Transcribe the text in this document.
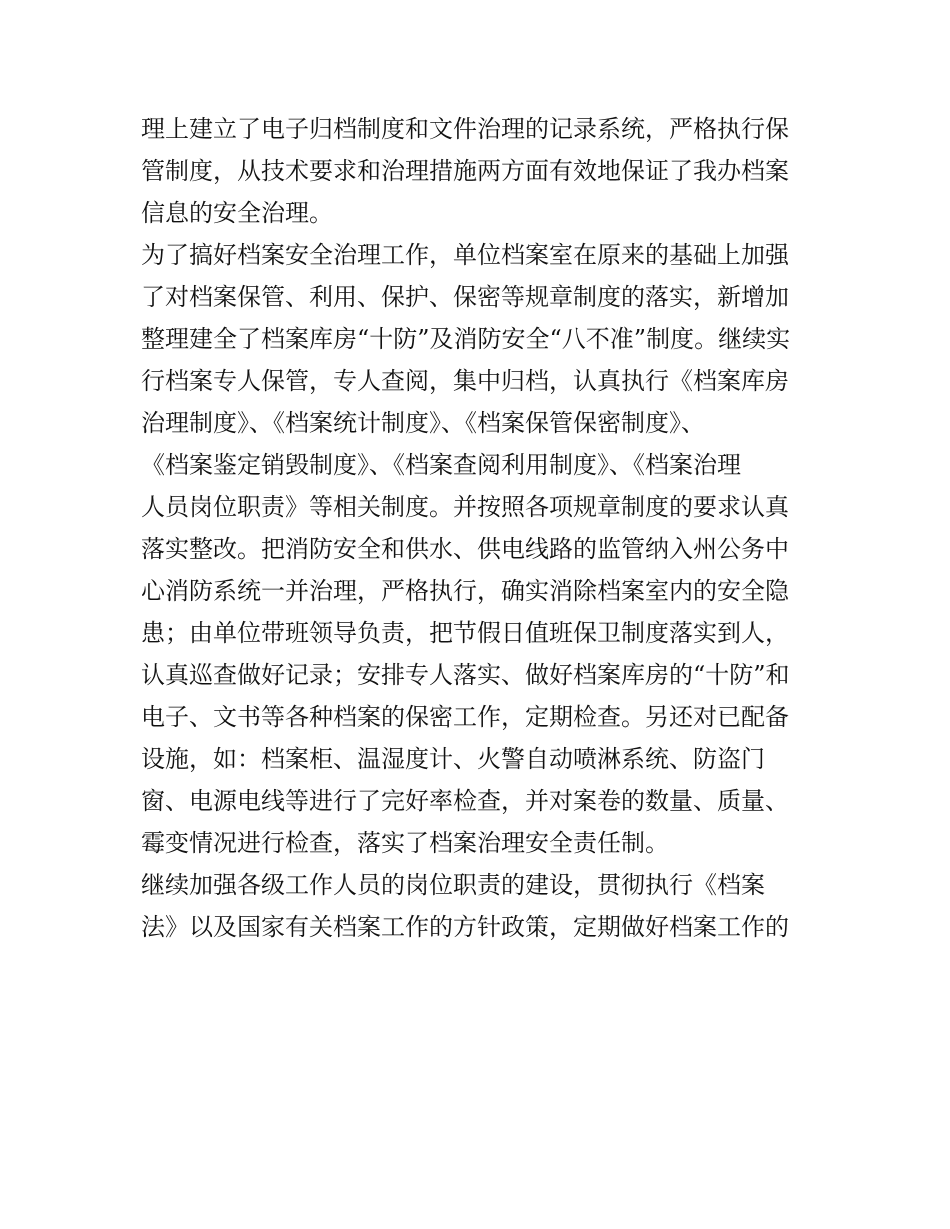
理上建立了电子归档制度和文件治理的记录系统，严格执行保
管制度，从技术要求和治理措施两方面有效地保证了我办档案
信息的安全治理。
为了搞好档案安全治理工作，单位档案室在原来的基础上加强
了对档案保管、利用、保护、保密等规章制度的落实，新增加
整理建全了档案库房“十防”及消防安全“八不准”制度。继续实
行档案专人保管，专人查阅，集中归档，认真执行《档案库房
治理制度》、《档案统计制度》、《档案保管保密制度》、
《档案鉴定销毁制度》、《档案查阅利用制度》、《档案治理
人员岗位职责》等相关制度。并按照各项规章制度的要求认真
落实整改。把消防安全和供水、供电线路的监管纳入州公务中
心消防系统一并治理，严格执行，确实消除档案室内的安全隐
患；由单位带班领导负责，把节假日值班保卫制度落实到人，
认真巡查做好记录；安排专人落实、做好档案库房的“十防”和
电子、文书等各种档案的保密工作，定期检查。另还对已配备
设施，如：档案柜、温湿度计、火警自动喷淋系统、防盗门
窗、电源电线等进行了完好率检查，并对案卷的数量、质量、
霉变情况进行检查，落实了档案治理安全责任制。
继续加强各级工作人员的岗位职责的建设，贯彻执行《档案
法》以及国家有关档案工作的方针政策，定期做好档案工作的
